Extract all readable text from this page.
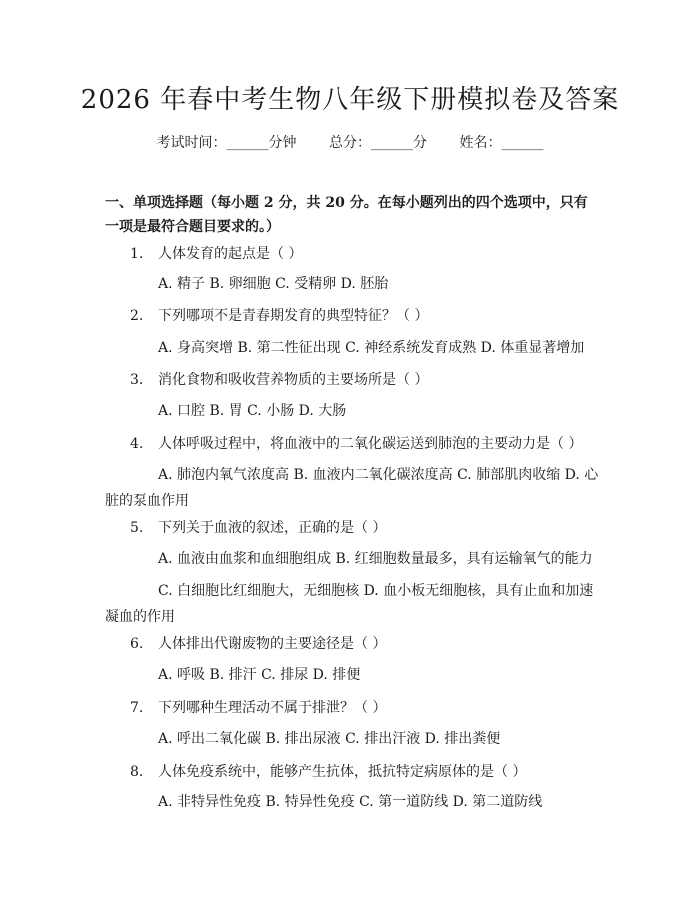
2026 年春中考生物八年级下册模拟卷及答案
考试时间：______分钟　　 总分：______分　　 姓名：______
一、单项选择题（每小题 2 分，共 20 分。在每小题列出的四个选项中，只有一项是最符合题目要求的。）
1. 人体发育的起点是（ ）
A. 精子 B. 卵细胞 C. 受精卵 D. 胚胎
2. 下列哪项不是青春期发育的典型特征？（ ）
A. 身高突增 B. 第二性征出现 C. 神经系统发育成熟 D. 体重显著增加
3. 消化食物和吸收营养物质的主要场所是（ ）
A. 口腔 B. 胃 C. 小肠 D. 大肠
4. 人体呼吸过程中，将血液中的二氧化碳运送到肺泡的主要动力是（ ）
A. 肺泡内氧气浓度高 B. 血液内二氧化碳浓度高 C. 肺部肌肉收缩 D. 心脏的泵血作用
5. 下列关于血液的叙述，正确的是（ ）
A. 血液由血浆和血细胞组成 B. 红细胞数量最多，具有运输氧气的能力
C. 白细胞比红细胞大，无细胞核 D. 血小板无细胞核，具有止血和加速凝血的作用
6. 人体排出代谢废物的主要途径是（ ）
A. 呼吸 B. 排汗 C. 排尿 D. 排便
7. 下列哪种生理活动不属于排泄？（ ）
A. 呼出二氧化碳 B. 排出尿液 C. 排出汗液 D. 排出粪便
8. 人体免疫系统中，能够产生抗体，抵抗特定病原体的是（ ）
A. 非特异性免疫 B. 特异性免疫 C. 第一道防线 D. 第二道防线
